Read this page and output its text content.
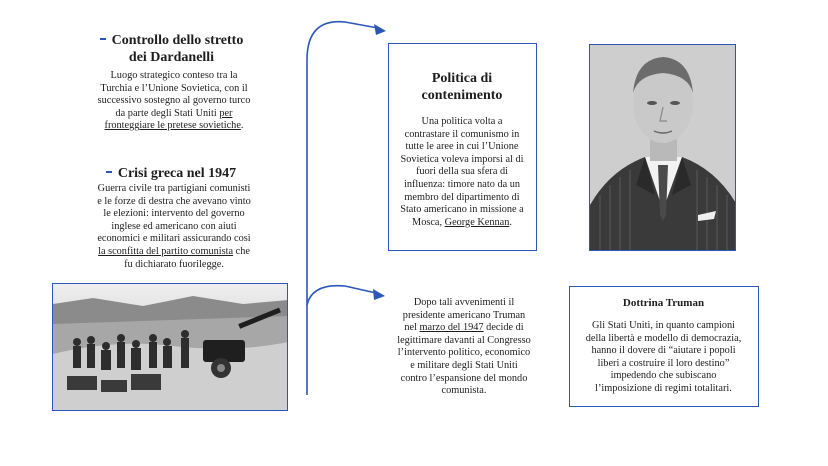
Controllo dello stretto
dei Dardanelli
Luogo strategico conteso tra la
Turchia e l’Unione Sovietica, con il
successivo sostegno al governo turco
da parte degli Stati Uniti per
fronteggiare le pretese sovietiche.
Crisi greca nel 1947
Guerra civile tra partigiani comunisti
e le forze di destra che avevano vinto
le elezioni: intervento del governo
inglese ed americano con aiuti
economici e militari assicurando così
la sconfitta del partito comunista che
fu dichiarato fuorilegge.
Politica di
contenimento
Una politica volta a
contrastare il comunismo in
tutte le aree in cui l’Unione
Sovietica voleva imporsi al di
fuori della sua sfera di
influenza: timore nato da un
membro del dipartimento di
Stato americano in missione a
Mosca, George Kennan.
Dopo tali avvenimenti il
presidente americano Truman
nel marzo del 1947 decide di
legittimare davanti al Congresso
l’intervento politico, economico
e militare degli Stati Uniti
contro l’espansione del mondo
comunista.
Dottrina Truman
Gli Stati Uniti, in quanto campioni
della libertà e modello di democrazia,
hanno il dovere di “aiutare i popoli
liberi a costruire il loro destino”
impedendo che subiscano
l’imposizione di regimi totalitari.
